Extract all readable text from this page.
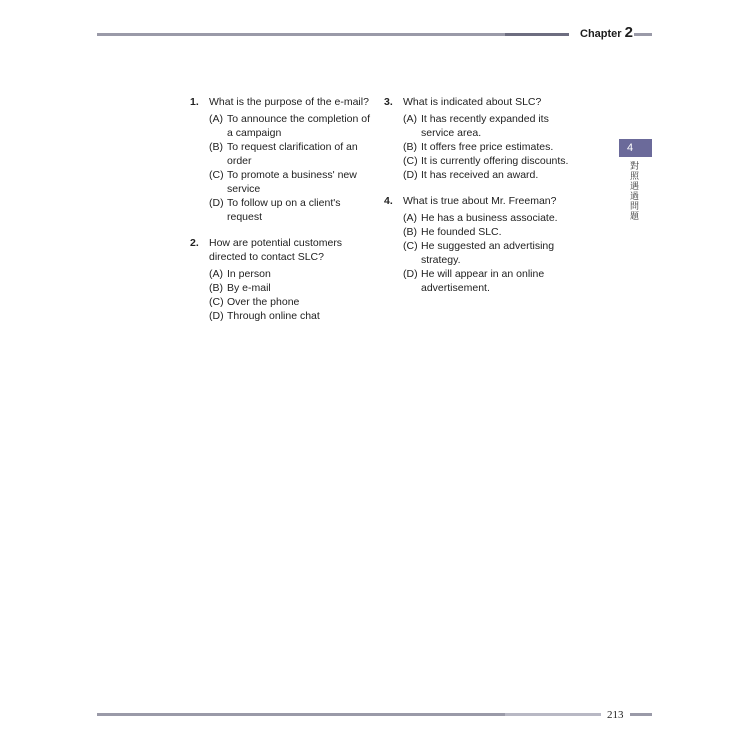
Chapter 2
1. What is the purpose of the e-mail?
(A) To announce the completion of a campaign
(B) To request clarification of an order
(C) To promote a business' new service
(D) To follow up on a client's request
2. How are potential customers directed to contact SLC?
(A) In person
(B) By e-mail
(C) Over the phone
(D) Through online chat
3. What is indicated about SLC?
(A) It has recently expanded its service area.
(B) It offers free price estimates.
(C) It is currently offering discounts.
(D) It has received an award.
4. What is true about Mr. Freeman?
(A) He has a business associate.
(B) He founded SLC.
(C) He suggested an advertising strategy.
(D) He will appear in an online advertisement.
4
對照遇過問題
213
